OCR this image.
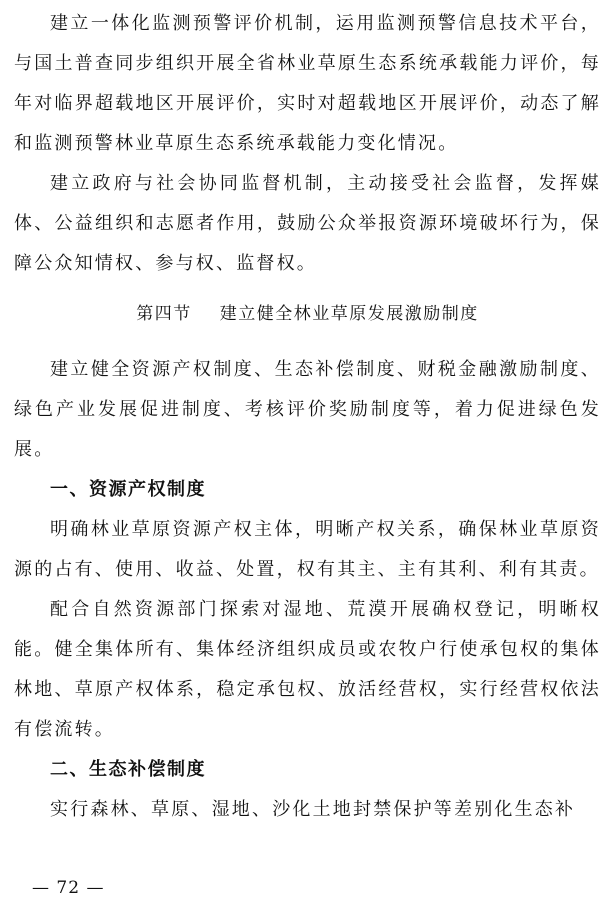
建立一体化监测预警评价机制，运用监测预警信息技术平台，与国土普查同步组织开展全省林业草原生态系统承载能力评价，每年对临界超载地区开展评价，实时对超载地区开展评价，动态了解和监测预警林业草原生态系统承载能力变化情况。

建立政府与社会协同监督机制，主动接受社会监督，发挥媒体、公益组织和志愿者作用，鼓励公众举报资源环境破坏行为，保障公众知情权、参与权、监督权。

第四节 建立健全林业草原发展激励制度

建立健全资源产权制度、生态补偿制度、财税金融激励制度、绿色产业发展促进制度、考核评价奖励制度等，着力促进绿色发展。

一、资源产权制度

明确林业草原资源产权主体，明晰产权关系，确保林业草原资源的占有、使用、收益、处置，权有其主、主有其利、利有其责。

配合自然资源部门探索对湿地、荒漠开展确权登记，明晰权能。健全集体所有、集体经济组织成员或农牧户行使承包权的集体林地、草原产权体系，稳定承包权、放活经营权，实行经营权依法有偿流转。

二、生态补偿制度

实行森林、草原、湿地、沙化土地封禁保护等差别化生态补

— 72 —
